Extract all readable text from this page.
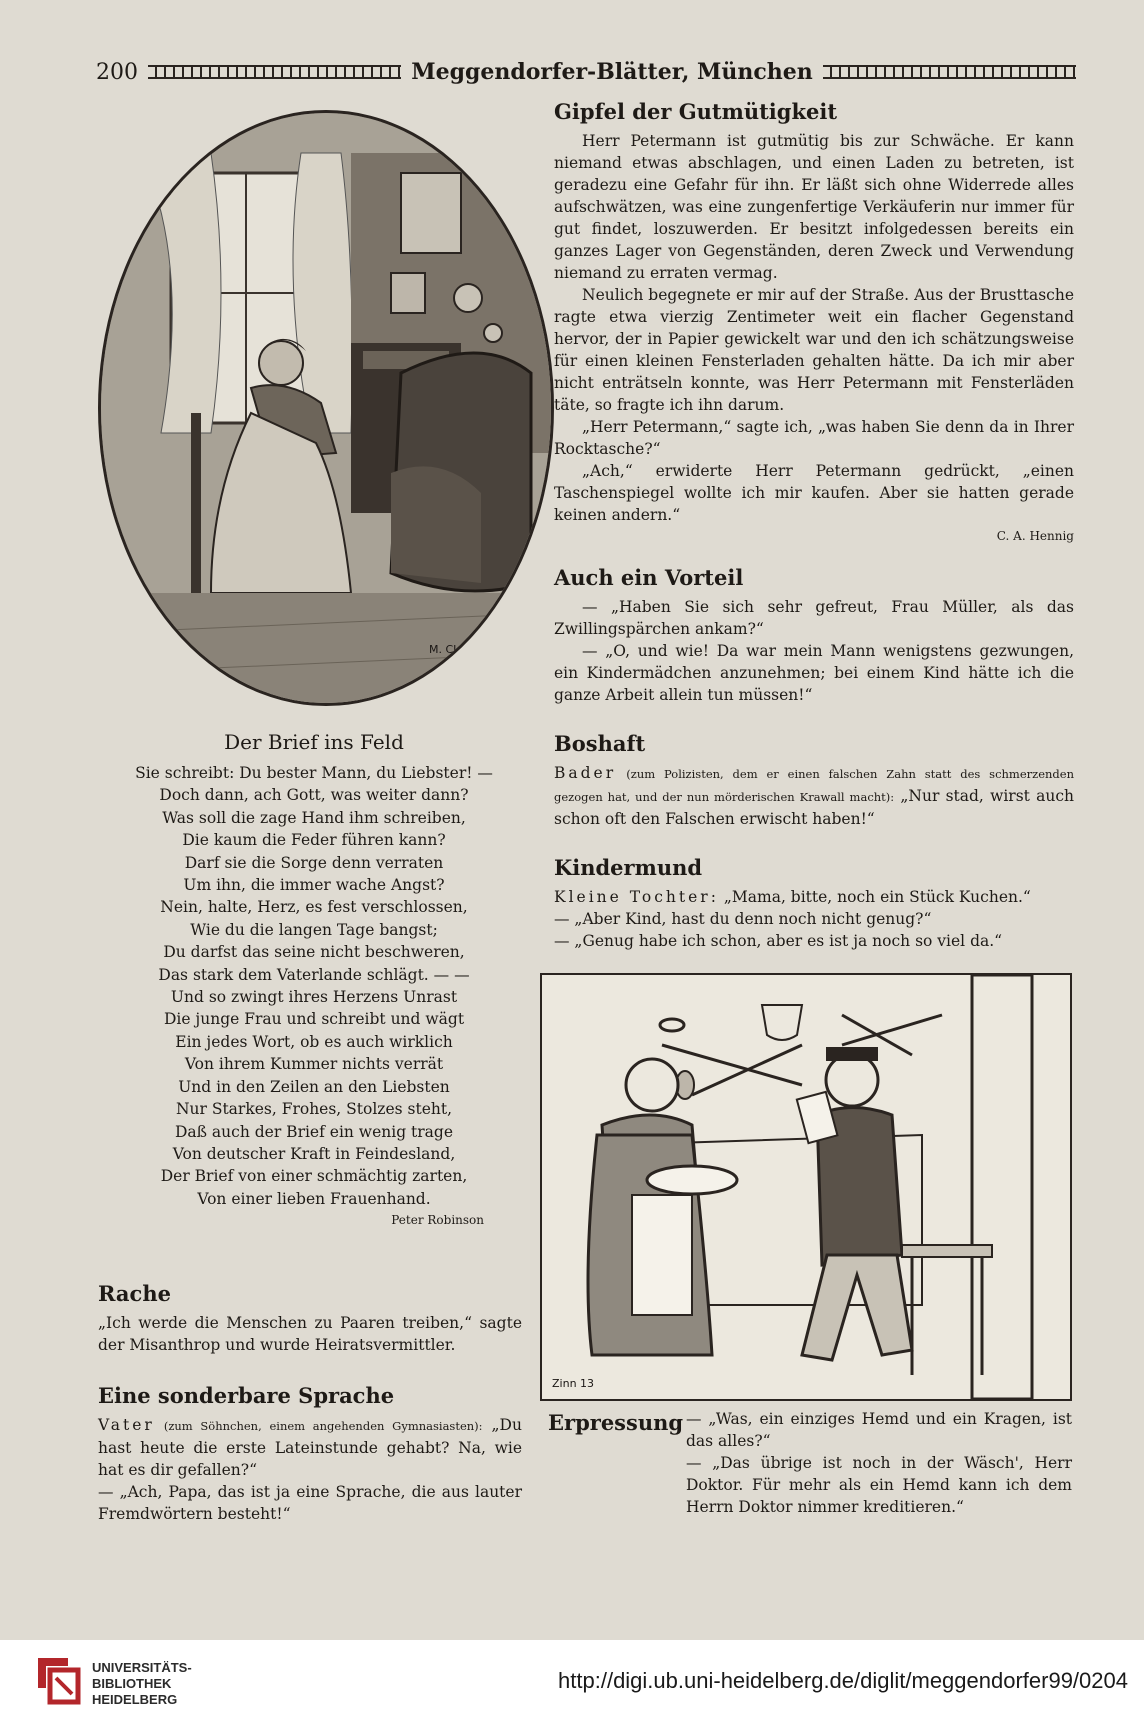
200	Meggendorfer-Blätter, München
M. CLAUS
Gipfel der Gutmütigkeit

Herr Petermann ist gutmütig bis zur Schwäche. Er kann niemand etwas abschlagen, und einen Laden zu betreten, ist geradezu eine Gefahr für ihn. Er läßt sich ohne Widerrede alles aufschwätzen, was eine zungenfertige Verkäuferin nur immer für gut findet, loszuwerden. Er besitzt infolgedessen bereits ein ganzes Lager von Gegenständen, deren Zweck und Verwendung niemand zu erraten vermag.

Neulich begegnete er mir auf der Straße. Aus der Brusttasche ragte etwa vierzig Zentimeter weit ein flacher Gegenstand hervor, der in Papier gewickelt war und den ich schätzungsweise für einen kleinen Fensterladen gehalten hätte. Da ich mir aber nicht enträtseln konnte, was Herr Petermann mit Fensterläden täte, so fragte ich ihn darum.

„Herr Petermann,“ sagte ich, „was haben Sie denn da in Ihrer Rocktasche?“

„Ach,“ erwiderte Herr Petermann gedrückt, „einen Taschenspiegel wollte ich mir kaufen. Aber sie hatten gerade keinen andern.“

C. A. Hennig

Auch ein Vorteil

— „Haben Sie sich sehr gefreut, Frau Müller, als das Zwillingspärchen ankam?“

— „O, und wie! Da war mein Mann wenigstens gezwungen, ein Kindermädchen anzunehmen; bei einem Kind hätte ich die ganze Arbeit allein tun müssen!“

Der Brief ins Feld
Sie schreibt: Du bester Mann, du Liebster! —
Doch dann, ach Gott, was weiter dann?
Was soll die zage Hand ihm schreiben,
Die kaum die Feder führen kann?
Darf sie die Sorge denn verraten
Um ihn, die immer wache Angst?
Nein, halte, Herz, es fest verschlossen,
Wie du die langen Tage bangst;
Du darfst das seine nicht beschweren,
Das stark dem Vaterlande schlägt. — —
Und so zwingt ihres Herzens Unrast
Die junge Frau und schreibt und wägt
Ein jedes Wort, ob es auch wirklich
Von ihrem Kummer nichts verrät
Und in den Zeilen an den Liebsten
Nur Starkes, Frohes, Stolzes steht,
Daß auch der Brief ein wenig trage
Von deutscher Kraft in Feindesland,
Der Brief von einer schmächtig zarten,
Von einer lieben Frauenhand.

Peter Robinson

Boshaft

Bader (zum Polizisten, dem er einen falschen Zahn statt des schmerzenden gezogen hat, und der nun mörderischen Krawall macht): „Nur stad, wirst auch schon oft den Falschen erwischt haben!“

Kindermund

Kleine Tochter: „Mama, bitte, noch ein Stück Kuchen.“

— „Aber Kind, hast du denn noch nicht genug?“

— „Genug habe ich schon, aber es ist ja noch so viel da.“

Zinn 13
Rache

„Ich werde die Menschen zu Paaren treiben,“ sagte der Misanthrop und wurde Heiratsvermittler.

Eine sonderbare Sprache

Vater (zum Söhnchen, einem angehenden Gymnasiasten): „Du hast heute die erste Lateinstunde gehabt? Na, wie hat es dir gefallen?“

— „Ach, Papa, das ist ja eine Sprache, die aus lauter Fremdwörtern besteht!“

Erpressung — „Was, ein einziges Hemd und ein Kragen, ist das alles?“

— „Das übrige ist noch in der Wäsch', Herr Doktor. Für mehr als ein Hemd kann ich dem Herrn Doktor nimmer kreditieren.“

UNIVERSITÄTS-
BIBLIOTHEK
HEIDELBERG
http://digi.ub.uni-heidelberg.de/diglit/meggendorfer99/0204
